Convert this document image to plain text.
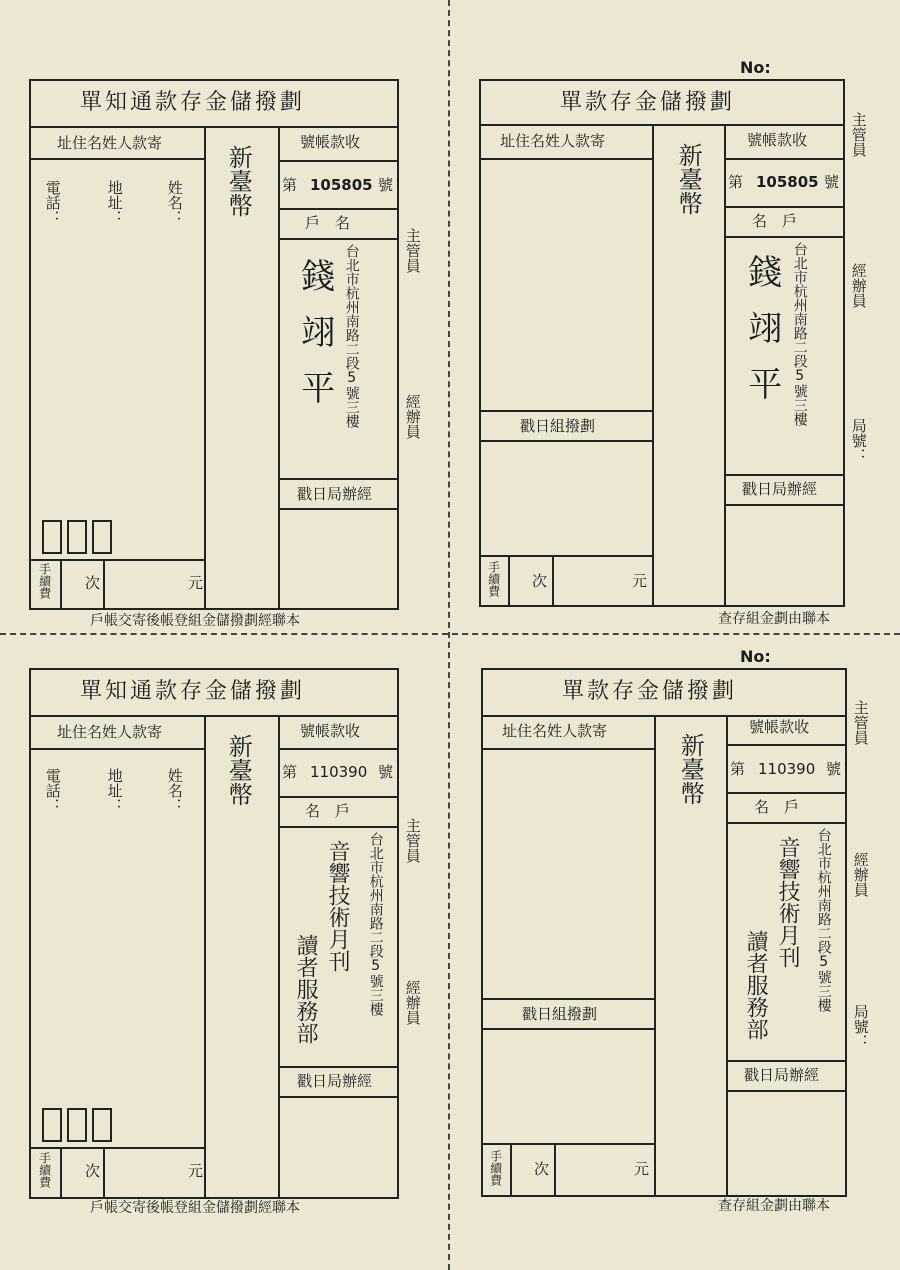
單知通款存金儲撥劃
址住名姓人款寄
姓名：
地址：
電話：
手續費 次	元
新臺幣
號帳款收
第 105805 號
戶　名
錢翊平 台北市杭州南路二段5號三樓
戳日局辦經
主管員
經辦員
戶帳交寄後帳登組金儲撥劃經聯本
No:
單款存金儲撥劃
址住名姓人款寄
戳日組撥劃
手續費 次	元
新臺幣
號帳款收
第 105805 號
名　戶
錢翊平 台北市杭州南路二段5號三樓
戳日局辦經
主管員
經辦員
局號：
查存組金劃由聯本
單知通款存金儲撥劃
址住名姓人款寄
姓名：
地址：
電話：
手續費 次	元
新臺幣
號帳款收
第 110390 號
名　戶
音響技術月刊
讀者服務部	台北市杭州南路二段5號三樓
戳日局辦經
主管員
經辦員
戶帳交寄後帳登組金儲撥劃經聯本
No:
單款存金儲撥劃
址住名姓人款寄
戳日組撥劃
手續費 次	元
新臺幣
號帳款收
第 110390 號
名　戶
音響技術月刊
讀者服務部	台北市杭州南路二段5號三樓
戳日局辦經
主管員
經辦員
局號：
查存組金劃由聯本
